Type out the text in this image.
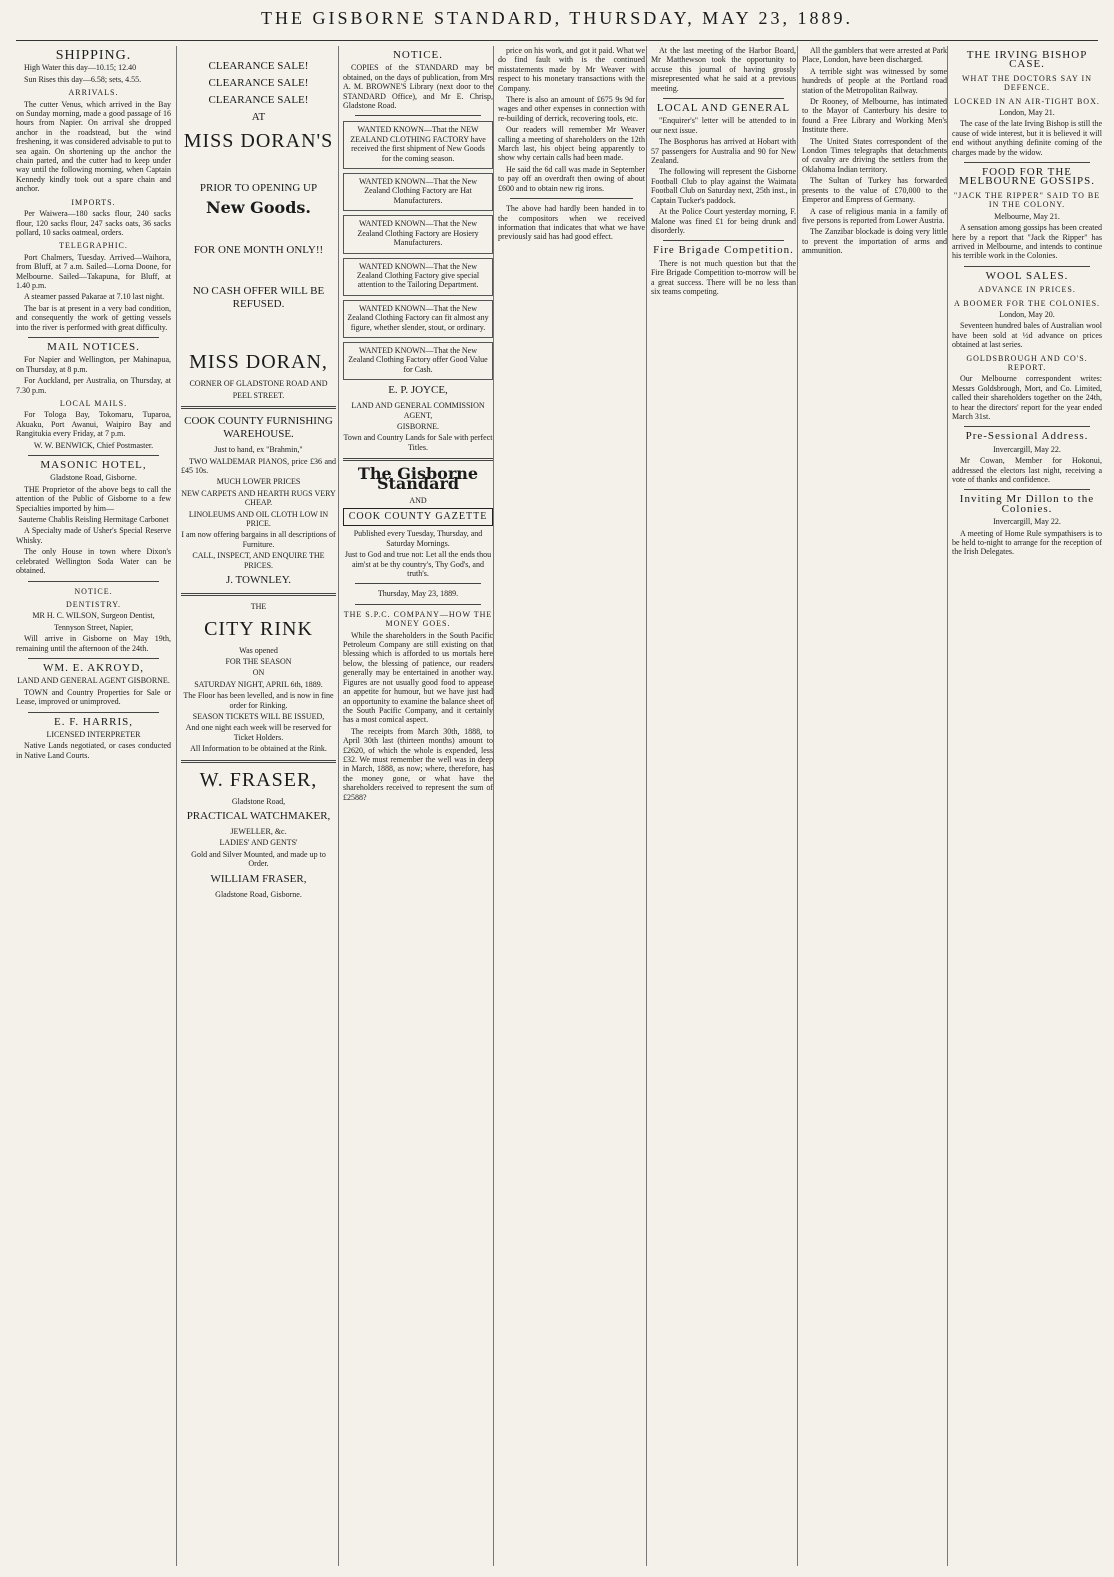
THE GISBORNE STANDARD, THURSDAY, MAY 23, 1889.
SHIPPING.

High Water this day—10.15; 12.40

Sun Rises this day—6.58; sets, 4.55.

ARRIVALS.

The cutter Venus, which arrived in the Bay on Sunday morning, made a good passage of 16 hours from Napier. On arrival she dropped anchor in the roadstead, but the wind freshening, it was considered advisable to put to sea again. On shortening up the anchor the chain parted, and the cutter had to keep under way until the following morning, when Captain Kennedy kindly took out a spare chain and anchor.

IMPORTS.

Per Waiwera—180 sacks flour, 240 sacks flour, 120 sacks flour, 247 sacks oats, 36 sacks pollard, 10 sacks oatmeal, orders.

TELEGRAPHIC.

Port Chalmers, Tuesday. Arrived—Waihora, from Bluff, at 7 a.m. Sailed—Lorna Doone, for Melbourne. Sailed—Takapuna, for Bluff, at 1.40 p.m.

A steamer passed Pakarae at 7.10 last night.

The bar is at present in a very bad condition, and consequently the work of getting vessels into the river is performed with great difficulty.

MAIL NOTICES.

For Napier and Wellington, per Mahinapua, on Thursday, at 8 p.m.

For Auckland, per Australia, on Thursday, at 7.30 p.m.

LOCAL MAILS.

For Tologa Bay, Tokomaru, Tuparoa, Akuaku, Port Awanui, Waipiro Bay and Rangitukia every Friday, at 7 p.m.

W. W. BENWICK, Chief Postmaster.

MASONIC HOTEL,

Gladstone Road, Gisborne.

THE Proprietor of the above begs to call the attention of the Public of Gisborne to a few Specialties imported by him—

Sauterne Chablis Reisling Hermitage Carbonet

A Specialty made of Usher's Special Reserve Whisky.

The only House in town where Dixon's celebrated Wellington Soda Water can be obtained.

NOTICE.
DENTISTRY.

MR H. C. WILSON, Surgeon Dentist,

Tennyson Street, Napier,

Will arrive in Gisborne on May 19th, remaining until the afternoon of the 24th.

WM. E. AKROYD,

LAND AND GENERAL AGENT GISBORNE.

TOWN and Country Properties for Sale or Lease, improved or unimproved.

E. F. HARRIS,

LICENSED INTERPRETER

Native Lands negotiated, or cases conducted in Native Land Courts.

CLEARANCE SALE!
CLEARANCE SALE!
CLEARANCE SALE!
AT
MISS DORAN'S
PRIOR TO OPENING UP
New Goods.
FOR ONE MONTH ONLY!!
NO CASH OFFER WILL BE REFUSED.
MISS DORAN,

CORNER OF GLADSTONE ROAD AND

PEEL STREET.

COOK COUNTY FURNISHING WAREHOUSE.

Just to hand, ex "Brahmin,"

TWO WALDEMAR PIANOS, price £36 and £45 10s.

MUCH LOWER PRICES

NEW CARPETS AND HEARTH RUGS VERY CHEAP.

LINOLEUMS AND OIL CLOTH LOW IN PRICE.

I am now offering bargains in all descriptions of Furniture.

CALL, INSPECT, AND ENQUIRE THE PRICES.

J. TOWNLEY.

THE

CITY RINK

Was opened

FOR THE SEASON

ON

SATURDAY NIGHT, APRIL 6th, 1889.

The Floor has been levelled, and is now in fine order for Rinking.

SEASON TICKETS WILL BE ISSUED,

And one night each week will be reserved for Ticket Holders.

All Information to be obtained at the Rink.

W. FRASER,

Gladstone Road,

PRACTICAL WATCHMAKER,

JEWELLER, &c.

LADIES' AND GENTS'

Gold and Silver Mounted, and made up to Order.

WILLIAM FRASER,

Gladstone Road, Gisborne.

NOTICE.

COPIES of the STANDARD may be obtained, on the days of publication, from Mrs A. M. BROWNE'S Library (next door to the STANDARD Office), and Mr E. Chrisp, Gladstone Road.

WANTED KNOWN—That the NEW ZEALAND CLOTHING FACTORY have received the first shipment of New Goods for the coming season.

WANTED KNOWN—That the New Zealand Clothing Factory are Hat Manufacturers.

WANTED KNOWN—That the New Zealand Clothing Factory are Hosiery Manufacturers.

WANTED KNOWN—That the New Zealand Clothing Factory give special attention to the Tailoring Department.

WANTED KNOWN—That the New Zealand Clothing Factory can fit almost any figure, whether slender, stout, or ordinary.

WANTED KNOWN—That the New Zealand Clothing Factory offer Good Value for Cash.

E. P. JOYCE,

LAND AND GENERAL COMMISSION AGENT,

GISBORNE.

Town and Country Lands for Sale with perfect Titles.

The Gisborne Standard

AND

COOK COUNTY GAZETTE

Published every Tuesday, Thursday, and Saturday Mornings.

Just to God and true not: Let all the ends thou aim'st at be thy country's, Thy God's, and truth's.

Thursday, May 23, 1889.

THE S.P.C. COMPANY—HOW THE MONEY GOES.

While the shareholders in the South Pacific Petroleum Company are still existing on that blessing which is afforded to us mortals here below, the blessing of patience, our readers generally may be entertained in another way. Figures are not usually good food to appease an appetite for humour, but we have just had an opportunity to examine the balance sheet of the South Pacific Company, and it certainly has a most comical aspect.

The receipts from March 30th, 1888, to April 30th last (thirteen months) amount to £2620, of which the whole is expended, less £32. We must remember the well was in deep in March, 1888, as now; where, therefore, has the money gone, or what have the shareholders received to represent the sum of £2588?

price on his work, and got it paid. What we do find fault with is the continued misstatements made by Mr Weaver with respect to his monetary transactions with the Company.

There is also an amount of £675 9s 9d for wages and other expenses in connection with re-building of derrick, recovering tools, etc.

Our readers will remember Mr Weaver calling a meeting of shareholders on the 12th March last, his object being apparently to show why certain calls had been made.

He said the 6d call was made in September to pay off an overdraft then owing of about £600 and to obtain new rig irons.

The above had hardly been handed in to the compositors when we received information that indicates that what we have previously said has had good effect.

At the last meeting of the Harbor Board, Mr Matthewson took the opportunity to accuse this journal of having grossly misrepresented what he said at a previous meeting.

LOCAL AND GENERAL

"Enquirer's" letter will be attended to in our next issue.

The Bosphorus has arrived at Hobart with 57 passengers for Australia and 90 for New Zealand.

The following will represent the Gisborne Football Club to play against the Waimata Football Club on Saturday next, 25th inst., in Captain Tucker's paddock.

At the Police Court yesterday morning, F. Malone was fined £1 for being drunk and disorderly.

Fire Brigade Competition.

There is not much question but that the Fire Brigade Competition to-morrow will be a great success. There will be no less than six teams competing.

All the gamblers that were arrested at Park Place, London, have been discharged.

A terrible sight was witnessed by some hundreds of people at the Portland road station of the Metropolitan Railway.

Dr Rooney, of Melbourne, has intimated to the Mayor of Canterbury his desire to found a Free Library and Working Men's Institute there.

The United States correspondent of the London Times telegraphs that detachments of cavalry are driving the settlers from the Oklahoma Indian territory.

The Sultan of Turkey has forwarded presents to the value of £70,000 to the Emperor and Empress of Germany.

A case of religious mania in a family of five persons is reported from Lower Austria.

The Zanzibar blockade is doing very little to prevent the importation of arms and ammunition.

THE IRVING BISHOP CASE.
WHAT THE DOCTORS SAY IN DEFENCE.
LOCKED IN AN AIR-TIGHT BOX.

London, May 21.

The case of the late Irving Bishop is still the cause of wide interest, but it is believed it will end without anything definite coming of the charges made by the widow.

FOOD FOR THE MELBOURNE GOSSIPS.
"JACK THE RIPPER" SAID TO BE IN THE COLONY.

Melbourne, May 21.

A sensation among gossips has been created here by a report that "Jack the Ripper" has arrived in Melbourne, and intends to continue his terrible work in the Colonies.

WOOL SALES.
ADVANCE IN PRICES.
A BOOMER FOR THE COLONIES.

London, May 20.

Seventeen hundred bales of Australian wool have been sold at ½d advance on prices obtained at last series.

GOLDSBROUGH AND CO'S. REPORT.

Our Melbourne correspondent writes: Messrs Goldsbrough, Mort, and Co. Limited, called their shareholders together on the 24th, to hear the directors' report for the year ended March 31st.

Pre-Sessional Address.

Invercargill, May 22.

Mr Cowan, Member for Hokonui, addressed the electors last night, receiving a vote of thanks and confidence.

Inviting Mr Dillon to the Colonies.

Invercargill, May 22.

A meeting of Home Rule sympathisers is to be held to-night to arrange for the reception of the Irish Delegates.
